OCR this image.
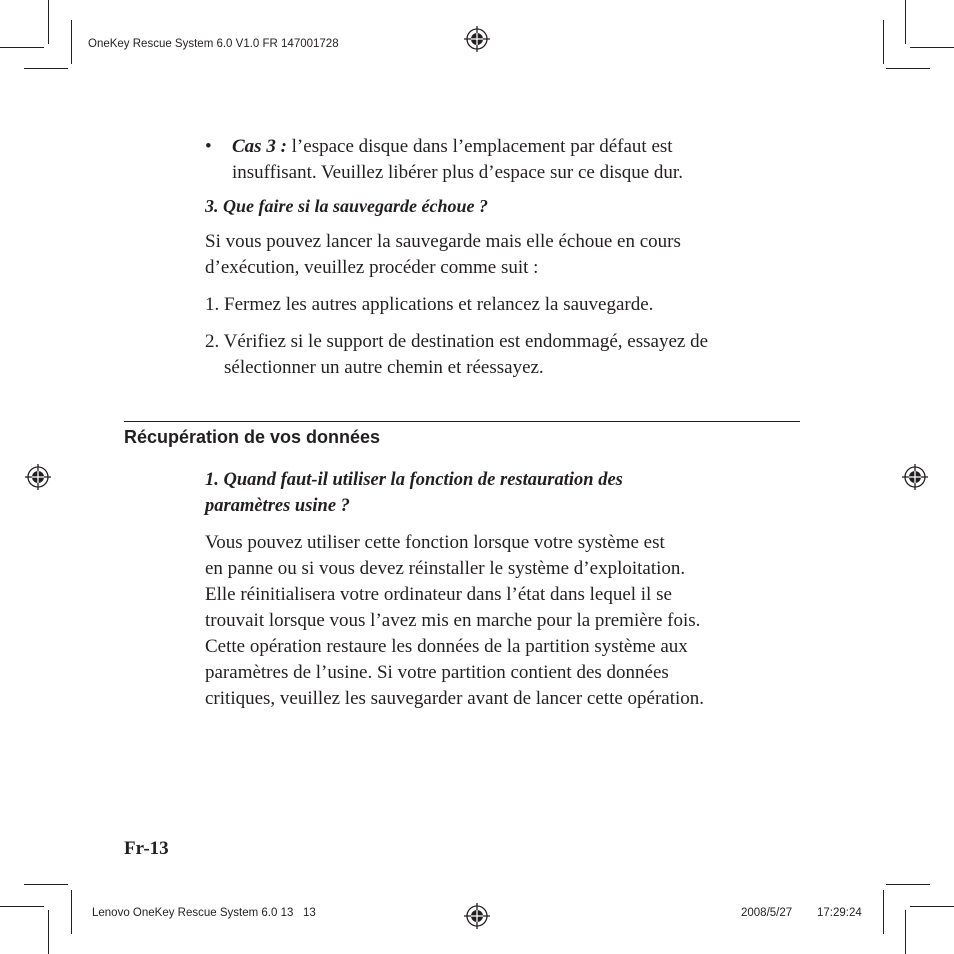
OneKey Rescue System 6.0 V1.0 FR 147001728
Lenovo OneKey Rescue System 6.0 13   13	2008/5/27 17:29:24
• Cas 3 : l’espace disque dans l’emplacement par défaut est
insuffisant. Veuillez libérer plus d’espace sur ce disque dur.
3. Que faire si la sauvegarde échoue ?
Si vous pouvez lancer la sauvegarde mais elle échoue en cours
d’exécution, veuillez procéder comme suit :
1. Fermez les autres applications et relancez la sauvegarde.
2. Vérifiez si le support de destination est endommagé, essayez de
sélectionner un autre chemin et réessayez.
Récupération de vos données
1. Quand faut-il utiliser la fonction de restauration des
paramètres usine ?
Vous pouvez utiliser cette fonction lorsque votre système est
en panne ou si vous devez réinstaller le système d’exploitation.
Elle réinitialisera votre ordinateur dans l’état dans lequel il se
trouvait lorsque vous l’avez mis en marche pour la première fois.
Cette opération restaure les données de la partition système aux
paramètres de l’usine. Si votre partition contient des données
critiques, veuillez les sauvegarder avant de lancer cette opération.
Fr-13
